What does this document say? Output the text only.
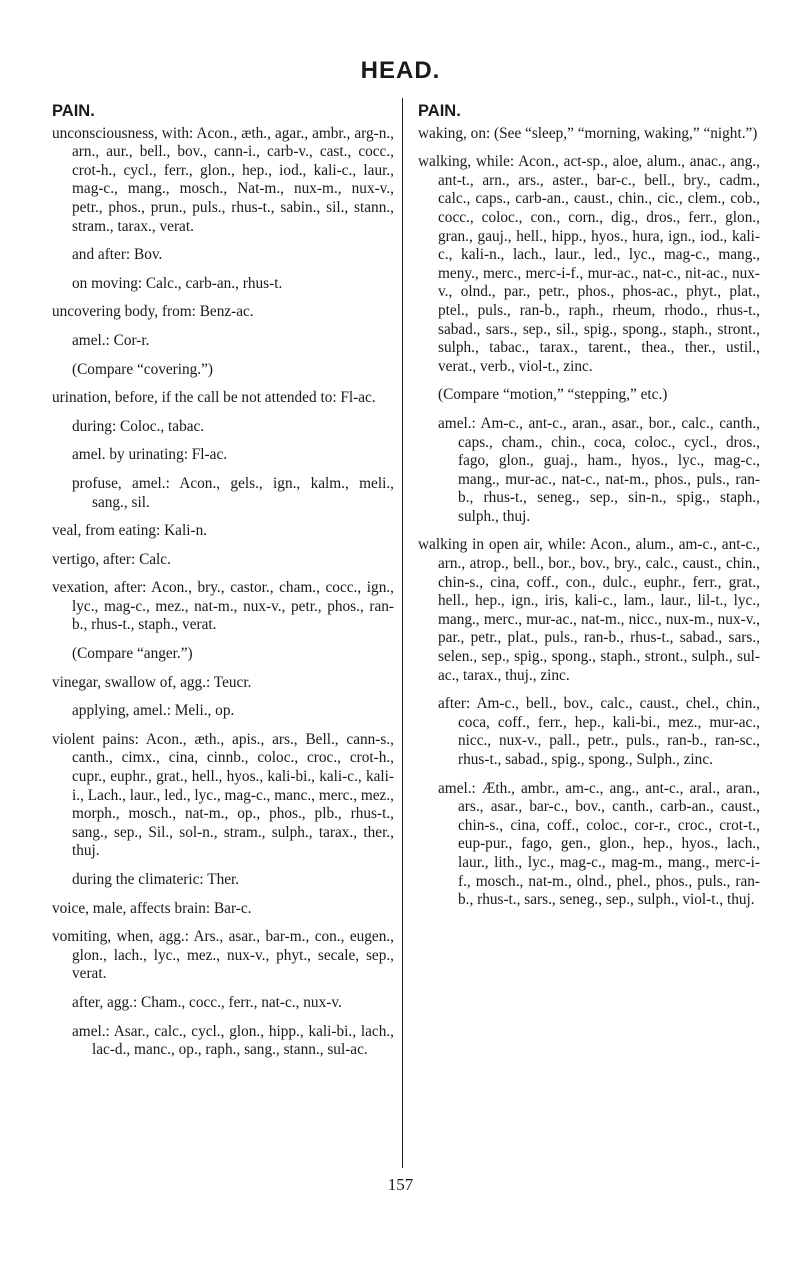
HEAD.
PAIN.

unconsciousness, with: Acon., æth., agar., ambr., arg-n., arn., aur., bell., bov., cann-i., carb-v., cast., cocc., crot-h., cycl., ferr., glon., hep., iod., kali-c., laur., mag-c., mang., mosch., Nat-m., nux-m., nux-v., petr., phos., prun., puls., rhus-t., sabin., sil., stann., stram., tarax., verat.

and after: Bov.

on moving: Calc., carb-an., rhus-t.

uncovering body, from: Benz-ac.

amel.: Cor-r.

(Compare “covering.”)

urination, before, if the call be not attended to: Fl-ac.

during: Coloc., tabac.

amel. by urinating: Fl-ac.

profuse, amel.: Acon., gels., ign., kalm., meli., sang., sil.

veal, from eating: Kali-n.

vertigo, after: Calc.

vexation, after: Acon., bry., castor., cham., cocc., ign., lyc., mag-c., mez., nat-m., nux-v., petr., phos., ran-b., rhus-t., staph., verat.

(Compare “anger.”)

vinegar, swallow of, agg.: Teucr.

applying, amel.: Meli., op.

violent pains: Acon., æth., apis., ars., Bell., cann-s., canth., cimx., cina, cinnb., coloc., croc., crot-h., cupr., euphr., grat., hell., hyos., kali-bi., kali-c., kali-i., Lach., laur., led., lyc., mag-c., manc., merc., mez., morph., mosch., nat-m., op., phos., plb., rhus-t., sang., sep., Sil., sol-n., stram., sulph., tarax., ther., thuj.

during the climateric: Ther.

voice, male, affects brain: Bar-c.

vomiting, when, agg.: Ars., asar., bar-m., con., eugen., glon., lach., lyc., mez., nux-v., phyt., secale, sep., verat.

after, agg.: Cham., cocc., ferr., nat-c., nux-v.

amel.: Asar., calc., cycl., glon., hipp., kali-bi., lach., lac-d., manc., op., raph., sang., stann., sul-ac.

PAIN.

waking, on: (See “sleep,” “morning, waking,” “night.”)

walking, while: Acon., act-sp., aloe, alum., anac., ang., ant-t., arn., ars., aster., bar-c., bell., bry., cadm., calc., caps., carb-an., caust., chin., cic., clem., cob., cocc., coloc., con., corn., dig., dros., ferr., glon., gran., gauj., hell., hipp., hyos., hura, ign., iod., kali-c., kali-n., lach., laur., led., lyc., mag-c., mang., meny., merc., merc-i-f., mur-ac., nat-c., nit-ac., nux-v., olnd., par., petr., phos., phos-ac., phyt., plat., ptel., puls., ran-b., raph., rheum, rhodo., rhus-t., sabad., sars., sep., sil., spig., spong., staph., stront., sulph., tabac., tarax., tarent., thea., ther., ustil., verat., verb., viol-t., zinc.

(Compare “motion,” “stepping,” etc.)

amel.: Am-c., ant-c., aran., asar., bor., calc., canth., caps., cham., chin., coca, coloc., cycl., dros., fago, glon., guaj., ham., hyos., lyc., mag-c., mang., mur-ac., nat-c., nat-m., phos., puls., ran-b., rhus-t., seneg., sep., sin-n., spig., staph., sulph., thuj.

walking in open air, while: Acon., alum., am-c., ant-c., arn., atrop., bell., bor., bov., bry., calc., caust., chin., chin-s., cina, coff., con., dulc., euphr., ferr., grat., hell., hep., ign., iris, kali-c., lam., laur., lil-t., lyc., mang., merc., mur-ac., nat-m., nicc., nux-m., nux-v., par., petr., plat., puls., ran-b., rhus-t., sabad., sars., selen., sep., spig., spong., staph., stront., sulph., sul-ac., tarax., thuj., zinc.

after: Am-c., bell., bov., calc., caust., chel., chin., coca, coff., ferr., hep., kali-bi., mez., mur-ac., nicc., nux-v., pall., petr., puls., ran-b., ran-sc., rhus-t., sabad., spig., spong., Sulph., zinc.

amel.: Æth., ambr., am-c., ang., ant-c., aral., aran., ars., asar., bar-c., bov., canth., carb-an., caust., chin-s., cina, coff., coloc., cor-r., croc., crot-t., eup-pur., fago, gen., glon., hep., hyos., lach., laur., lith., lyc., mag-c., mag-m., mang., merc-i-f., mosch., nat-m., olnd., phel., phos., puls., ran-b., rhus-t., sars., seneg., sep., sulph., viol-t., thuj.

157
